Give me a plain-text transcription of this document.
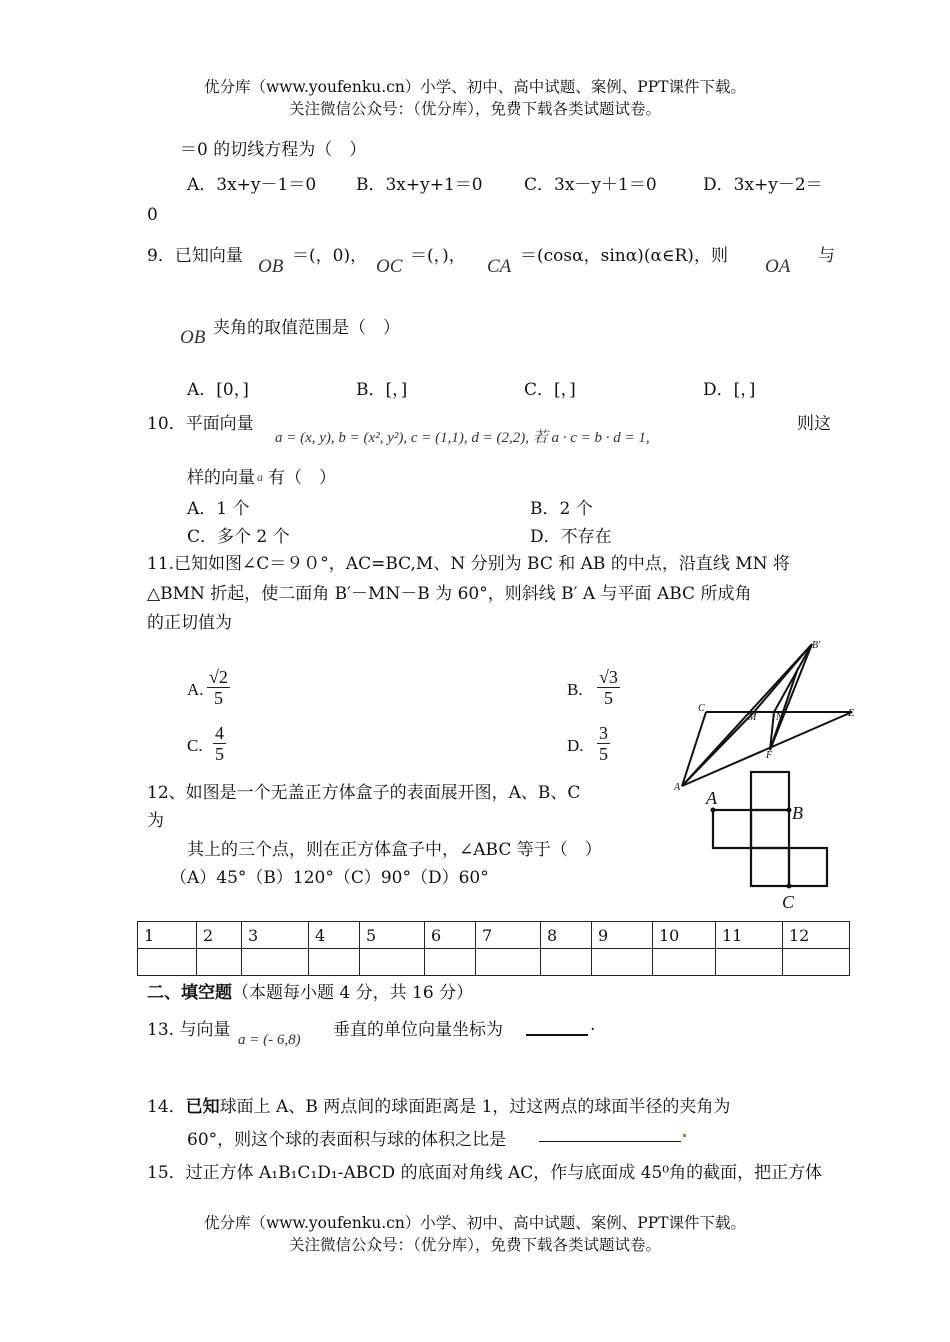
优分库（www.youfenku.cn）小学、初中、高中试题、案例、PPT课件下载。
关注微信公众号：（优分库），免费下载各类试题试卷。
＝0 的切线方程为（　）
A．3x+y－1＝0 B．3x+y+1＝0 C．3x－y＋1＝0	D．3x+y－2＝
0
9．已知向量 OB ＝(，0)， OC ＝(，)， CA ＝(cosα，sinα)(α∈R)，则 OA 与
OB 夹角的取值范围是（　）
A．[0，]	B．[，]	C．[，]	D．[，]
10．平面向量
a = (x, y), b = (x², y²), c = (1,1), d = (2,2), 若 a · c = b · d = 1,
则这
样的向量 a 有（　）
A．1 个	B．2 个
C．多个 2 个	D．不存在
11.已知如图∠C＝９０°，AC=BC,M、N 分别为 BC 和 AB 的中点，沿直线 MN 将
△BMN 折起，使二面角 B′－MN－B 为 60°，则斜线 B′ A 与平面 ABC 所成角
的正切值为
A. $\frac{√2}{5}$	B. $\frac{√3}{5}$
C. $\frac{4}{5}$	D. $\frac{3}{5}$
B′
C
M N	E
A
F
12、如图是一个无盖正方体盒子的表面展开图，A、B、C
为
其上的三个点，则在正方体盒子中，∠ABC 等于（　）
（A）45°（B）120°（C）90°（D）60°
A
B
C
1	2	3	4	5	6	7	8	9	10	11	12

二、填空题（本题每小题 4 分，共 16 分）
13. 与向量 a = (- 6,8) 垂直的单位向量坐标为	.
14．已知球面上 A、B 两点间的球面距离是 1，过这两点的球面半径的夹角为
60°，则这个球的表面积与球的体积之比是
15．过正方体 A₁B₁C₁D₁-ABCD 的底面对角线 AC，作与底面成 45⁰角的截面，把正方体
优分库（www.youfenku.cn）小学、初中、高中试题、案例、PPT课件下载。
关注微信公众号：（优分库），免费下载各类试题试卷。
